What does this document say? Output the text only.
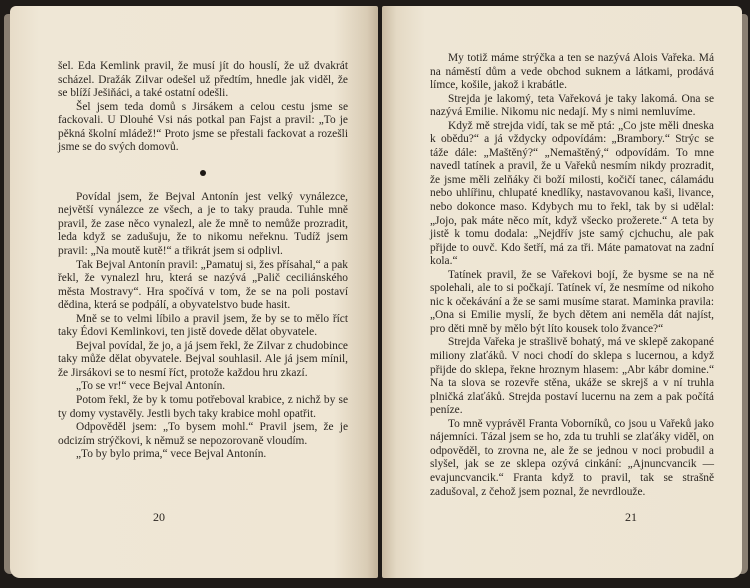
šel. Eda Kemlink pravil, že musí jít do houslí, že už dvakrát scházel. Dražák Zilvar odešel už předtím, hnedle jak viděl, že se blíží Ješiňáci, a také ostatní odešli.

Šel jsem teda domů s Jirsákem a celou cestu jsme se fackovali. U Dlouhé Vsi nás potkal pan Fajst a pravil: „To je pěkná školní mládež!“ Proto jsme se přestali fackovat a rozešli jsme se do svých domovů.

Povídal jsem, že Bejval Antonín jest velký vynálezce, největší vynálezce ze všech, a je to taky prauda. Tuhle mně pravil, že zase něco vynalezl, ale že mně to nemůže prozradit, leda když se zadušuju, že to nikomu neřeknu. Tudíž jsem pravil: „Na moutě kutě!“ a třikrát jsem si odplivl.

Tak Bejval Antonín pravil: „Pamatuj si, žes přísahal,“ a pak řekl, že vynalezl hru, která se nazývá „Palič ceciliánského města Mostravy“. Hra spočívá v tom, že se na poli postaví dědina, která se podpálí, a obyvatelstvo bude hasit.

Mně se to velmi líbilo a pravil jsem, že by se to mělo říct taky Édovi Kemlinkovi, ten jistě dovede dělat obyvatele.

Bejval povídal, že jo, a já jsem řekl, že Zilvar z chudobince taky může dělat obyvatele. Bejval souhlasil. Ale já jsem mínil, že Jirsákovi se to nesmí říct, protože každou hru zkazí.

„To se vr!“ vece Bejval Antonín.

Potom řekl, že by k tomu potřeboval krabice, z nichž by se ty domy vystavěly. Jestli bych taky krabice mohl opatřit.

Odpověděl jsem: „To bysem mohl.“ Pravil jsem, že je odcizím strýčkovi, k němuž se nepozorovaně vloudím.

„To by bylo prima,“ vece Bejval Antonín.

20

My totiž máme strýčka a ten se nazývá Alois Vařeka. Má na náměstí dům a vede obchod suknem a látkami, prodává límce, košile, jakož i krabátle.

Strejda je lakomý, teta Vařeková je taky lakomá. Ona se nazývá Emilie. Nikomu nic nedají. My s nimi nemluvíme.

Když mě strejda vidí, tak se mě ptá: „Co jste měli dneska k obědu?“ a já vždycky odpovídám: „Brambory.“ Strýc se táže dále: „Maštěný?“ „Nemaštěný,“ odpovídám. To mne navedl tatínek a pravil, že u Vařeků nesmím nikdy prozradit, že jsme měli zelňáky či boží milosti, kočičí tanec, cálamádu nebo uhlířinu, chlupaté knedlíky, nastavovanou kaši, livance, nebo dokonce maso. Kdybych mu to řekl, tak by si udělal: „Jojo, pak máte něco mít, když všecko prožerete.“ A teta by jistě k tomu dodala: „Nejdřív jste samý cjchuchu, ale pak přijde to ouvč. Kdo šetří, má za tři. Máte pamatovat na zadní kola.“

Tatínek pravil, že se Vařekovi bojí, že bysme se na ně spolehali, ale to si počkají. Tatínek ví, že nesmíme od nikoho nic k očekávání a že se sami musíme starat. Maminka pravila: „Ona si Emilie myslí, že bych dětem ani neměla dát najíst, pro děti mně by mělo být líto kousek tolo žvance?“

Strejda Vařeka je strašlivě bohatý, má ve sklepě zakopané miliony zlaťáků. V noci chodí do sklepa s lucernou, a když přijde do sklepa, řekne hroznym hlasem: „Abr kábr domine.“ Na ta slova se rozevře stěna, ukáže se skrejš a v ní truhla plničká zlaťáků. Strejda postaví lucernu na zem a pak počítá peníze.

To mně vyprávěl Franta Voborníků, co jsou u Vařeků jako nájemníci. Tázal jsem se ho, zda tu truhli se zlaťáky viděl, on odpověděl, to zrovna ne, ale že se jednou v noci probudil a slyšel, jak se ze sklepa ozývá cinkání: „Ajnuncvancik — evajuncvancik.“ Franta když to pravil, tak se strašně zadušoval, z čehož jsem poznal, že nevrdlouže.

21
